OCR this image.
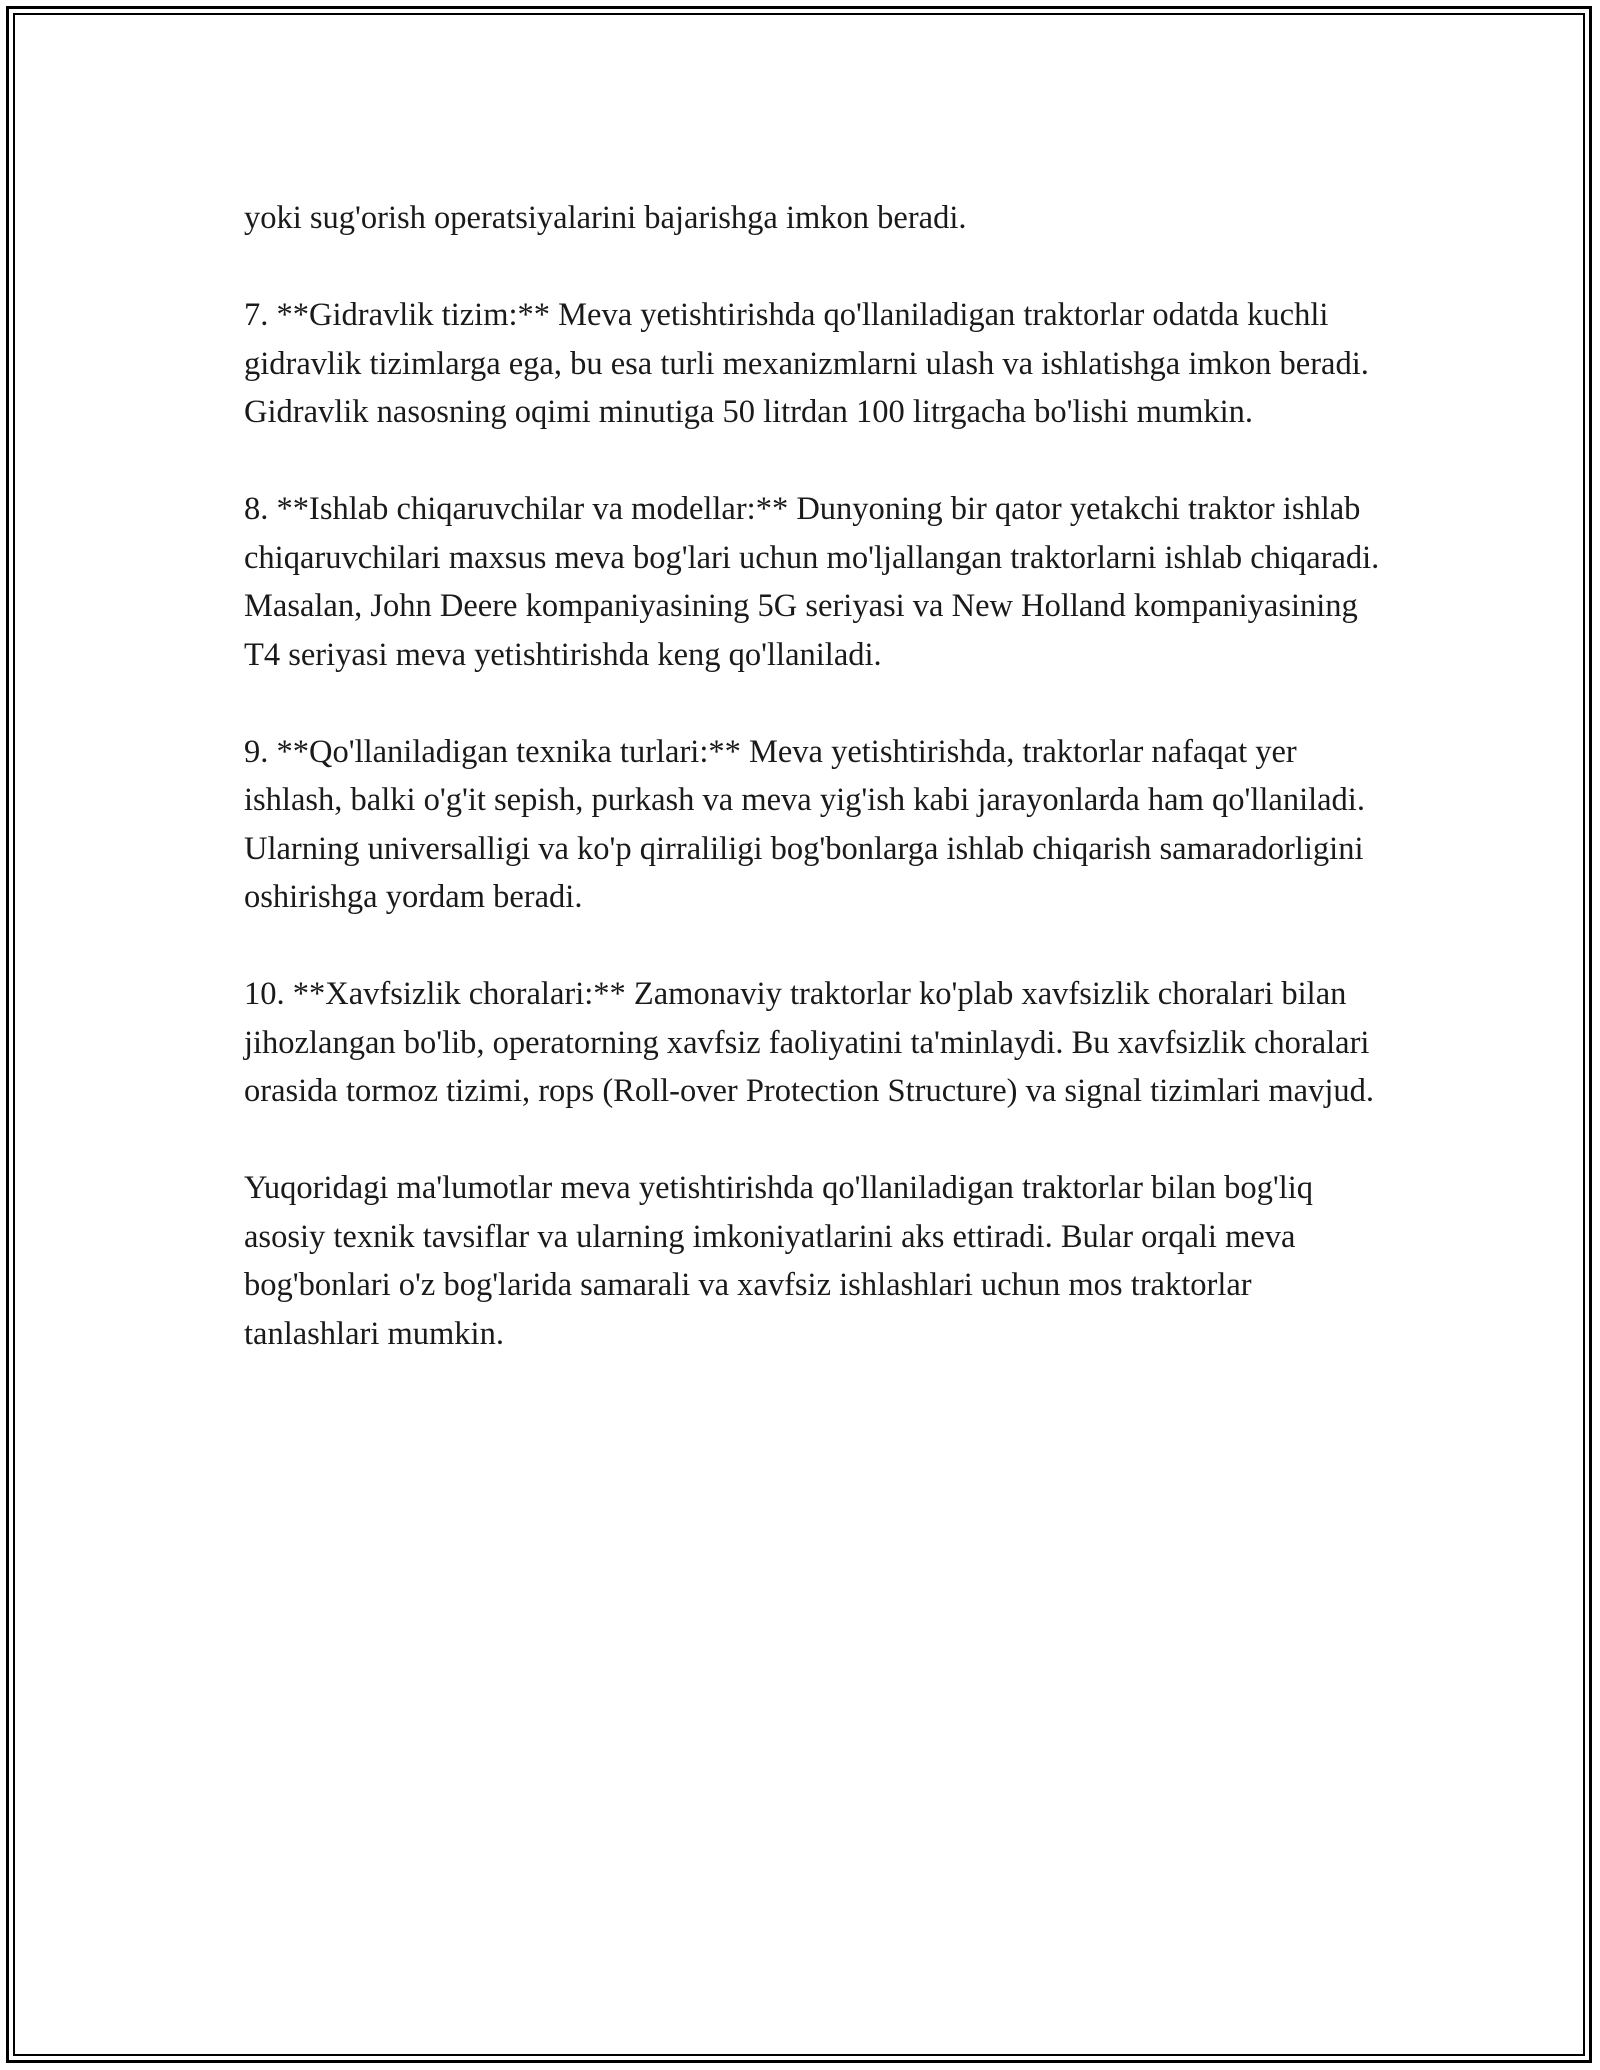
yoki sug'orish operatsiyalarini bajarishga imkon beradi.

7. **Gidravlik tizim:** Meva yetishtirishda qo'llaniladigan traktorlar odatda kuchli gidravlik tizimlarga ega, bu esa turli mexanizmlarni ulash va ishlatishga imkon beradi. Gidravlik nasosning oqimi minutiga 50 litrdan 100 litrgacha bo'lishi mumkin.

8. **Ishlab chiqaruvchilar va modellar:** Dunyoning bir qator yetakchi traktor ishlab chiqaruvchilari maxsus meva bog'lari uchun mo'ljallangan traktorlarni ishlab chiqaradi. Masalan, John Deere kompaniyasining 5G seriyasi va New Holland kompaniyasining T4 seriyasi meva yetishtirishda keng qo'llaniladi.

9. **Qo'llaniladigan texnika turlari:** Meva yetishtirishda, traktorlar nafaqat yer ishlash, balki o'g'it sepish, purkash va meva yig'ish kabi jarayonlarda ham qo'llaniladi. Ularning universalligi va ko'p qirraliligi bog'bonlarga ishlab chiqarish samaradorligini oshirishga yordam beradi.

10. **Xavfsizlik choralari:** Zamonaviy traktorlar ko'plab xavfsizlik choralari bilan jihozlangan bo'lib, operatorning xavfsiz faoliyatini ta'minlaydi. Bu xavfsizlik choralari orasida tormoz tizimi, rops (Roll-over Protection Structure) va signal tizimlari mavjud.

Yuqoridagi ma'lumotlar meva yetishtirishda qo'llaniladigan traktorlar bilan bog'liq asosiy texnik tavsiflar va ularning imkoniyatlarini aks ettiradi. Bular orqali meva bog'bonlari o'z bog'larida samarali va xavfsiz ishlashlari uchun mos traktorlar tanlashlari mumkin.
